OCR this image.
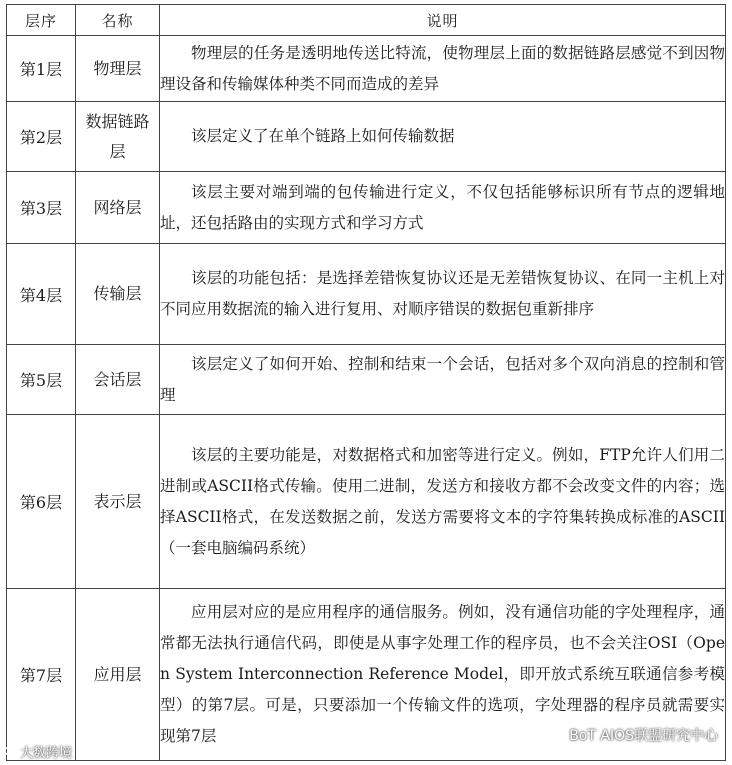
层序	名称	说明
第1层	物理层	物理层的任务是透明地传送比特流，使物理层上面的数据链路层感觉不到因物理设备和传输媒体种类不同而造成的差异
第2层	数据链路层	该层定义了在单个链路上如何传输数据
第3层	网络层	该层主要对端到端的包传输进行定义，不仅包括能够标识所有节点的逻辑地址，还包括路由的实现方式和学习方式
第4层	传输层	该层的功能包括：是选择差错恢复协议还是无差错恢复协议、在同一主机上对不同应用数据流的输入进行复用、对顺序错误的数据包重新排序
第5层	会话层	该层定义了如何开始、控制和结束一个会话，包括对多个双向消息的控制和管理
第6层	表示层	该层的主要功能是，对数据格式和加密等进行定义。例如，FTP允许人们用二进制或ASCII格式传输。使用二进制，发送方和接收方都不会改变文件的内容；选择ASCII格式，在发送数据之前，发送方需要将文本的字符集转换成标准的ASCII（一套电脑编码系统）
第7层	应用层	应用层对应的是应用程序的通信服务。例如，没有通信功能的字处理程序，通常都无法执行通信代码，即使是从事字处理工作的程序员，也不会关注OSI（Open System Interconnection Reference Model，即开放式系统互联通信参考模型）的第7层。可是，只要添加一个传输文件的选项，字处理器的程序员就需要实现第7层
大数跨境
BoT AIOS联盟研究中心
